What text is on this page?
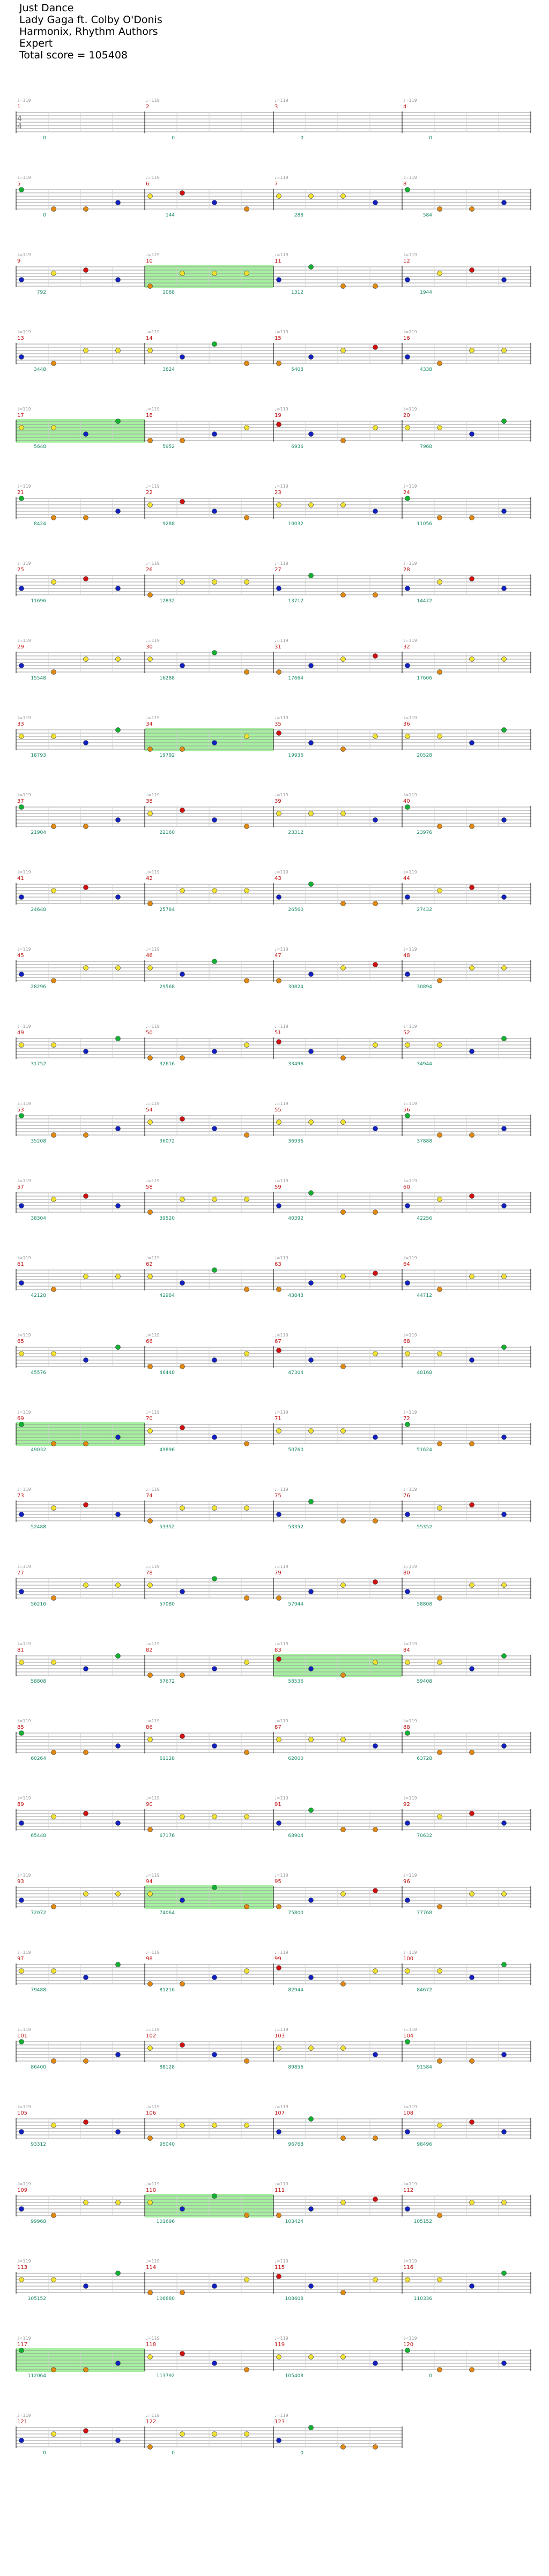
Just Dance
Lady Gaga ft. Colby O'Donis
Harmonix, Rhythm Authors
Expert
Total score = 105408
1
♩=119
0
2
♩=119
0
3
♩=119
0
4
♩=119
0
4
4
5
♩=119
0
6
♩=119
144
7
♩=119
288
8
♩=119
584
9
♩=119
792
10
♩=119
1088
11
♩=119
1312
12
♩=119
1944
13
♩=119
3448
14
♩=119
3824
15
♩=119
5408
16
♩=119
4338
17
♩=119
5648
18
♩=119
5952
19
♩=119
6936
20
♩=119
7968
21
♩=119
8424
22
♩=119
9288
23
♩=119
10032
24
♩=119
11056
25
♩=119
11696
26
♩=119
12832
27
♩=119
13712
28
♩=119
14472
29
♩=119
15548
30
♩=119
16288
31
♩=119
17664
32
♩=119
17606
33
♩=119
18793
34
♩=119
19792
35
♩=119
19936
36
♩=119
20528
37
♩=119
21904
38
♩=119
22160
39
♩=119
23312
40
♩=119
23976
41
♩=119
24648
42
♩=119
25784
43
♩=119
26560
44
♩=119
27432
45
♩=119
28296
46
♩=119
29568
47
♩=119
30824
48
♩=119
30894
49
♩=119
31752
50
♩=119
32616
51
♩=119
33496
52
♩=119
34944
53
♩=119
35208
54
♩=119
36072
55
♩=119
36936
56
♩=119
37888
57
♩=119
38304
58
♩=119
39520
59
♩=119
40392
60
♩=119
42256
61
♩=119
42128
62
♩=119
42984
63
♩=119
43848
64
♩=119
44712
65
♩=119
45576
66
♩=119
46448
67
♩=119
47304
68
♩=119
48168
69
♩=119
49032
70
♩=119
49896
71
♩=119
50760
72
♩=119
51624
73
♩=119
52488
74
♩=119
53352
75
♩=119
53352
76
♩=119
55352
77
♩=119
56216
78
♩=119
57080
79
♩=119
57944
80
♩=119
58808
81
♩=119
58808
82
♩=119
57672
83
♩=119
58536
84
♩=119
59408
85
♩=119
60264
86
♩=119
61128
87
♩=119
62000
88
♩=119
63728
89
♩=119
65448
90
♩=119
67176
91
♩=119
68904
92
♩=119
70632
93
♩=119
72072
94
♩=119
74064
95
♩=119
75800
96
♩=119
77768
97
♩=119
79488
98
♩=119
81216
99
♩=119
82944
100
♩=119
84672
101
♩=119
86400
102
♩=119
88128
103
♩=119
89856
104
♩=119
91584
105
♩=119
93312
106
♩=119
95040
107
♩=119
96768
108
♩=119
98496
109
♩=119
99968
110
♩=119
101696
111
♩=119
103424
112
♩=119
105152
113
♩=119
105152
114
♩=119
106880
115
♩=119
108608
116
♩=119
110336
117
♩=119
112064
118
♩=119
113792
119
♩=119
105408
120
♩=119
0
121
♩=119
0
122
♩=119
0
123
♩=119
0
